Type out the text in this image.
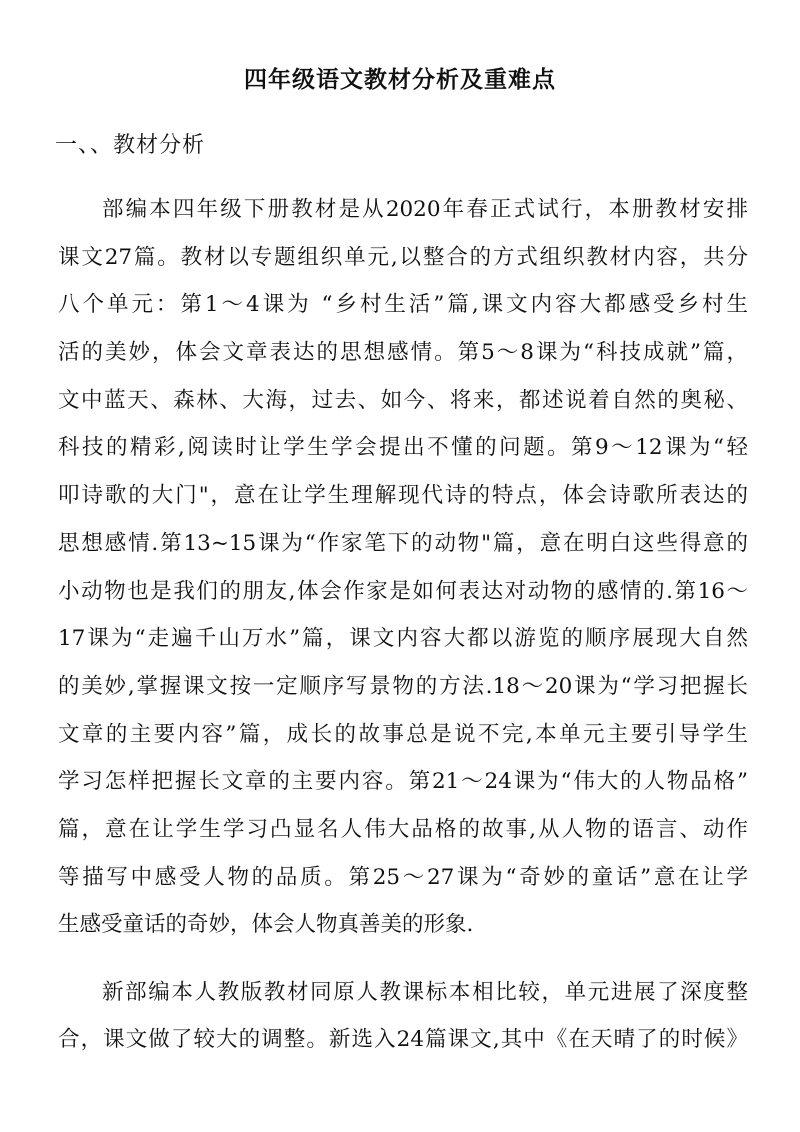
四年级语文教材分析及重难点
一、、教材分析
部编本四年级下册教材是从2020年春正式试行，本册教材安排
课文27篇。教材以专题组织单元,以整合的方式组织教材内容，共分
八个单元：第1～4课为 “乡村生活”篇,课文内容大都感受乡村生
活的美妙，体会文章表达的思想感情。第5～8课为“科技成就”篇，
文中蓝天、森林、大海，过去、如今、将来，都述说着自然的奥秘、
科技的精彩,阅读时让学生学会提出不懂的问题。第9～12课为“轻
叩诗歌的大门"，意在让学生理解现代诗的特点，体会诗歌所表达的
思想感情.第13~15课为“作家笔下的动物"篇，意在明白这些得意的
小动物也是我们的朋友,体会作家是如何表达对动物的感情的.第16～
17课为“走遍千山万水”篇，课文内容大都以游览的顺序展现大自然
的美妙,掌握课文按一定顺序写景物的方法.18～20课为“学习把握长
文章的主要内容”篇，成长的故事总是说不完,本单元主要引导学生
学习怎样把握长文章的主要内容。第21～24课为“伟大的人物品格”
篇，意在让学生学习凸显名人伟大品格的故事,从人物的语言、动作
等描写中感受人物的品质。第25～27课为“奇妙的童话”意在让学
生感受童话的奇妙，体会人物真善美的形象.
新部编本人教版教材同原人教课标本相比较，单元进展了深度整
合，课文做了较大的调整。新选入24篇课文,其中《在天晴了的时候》
